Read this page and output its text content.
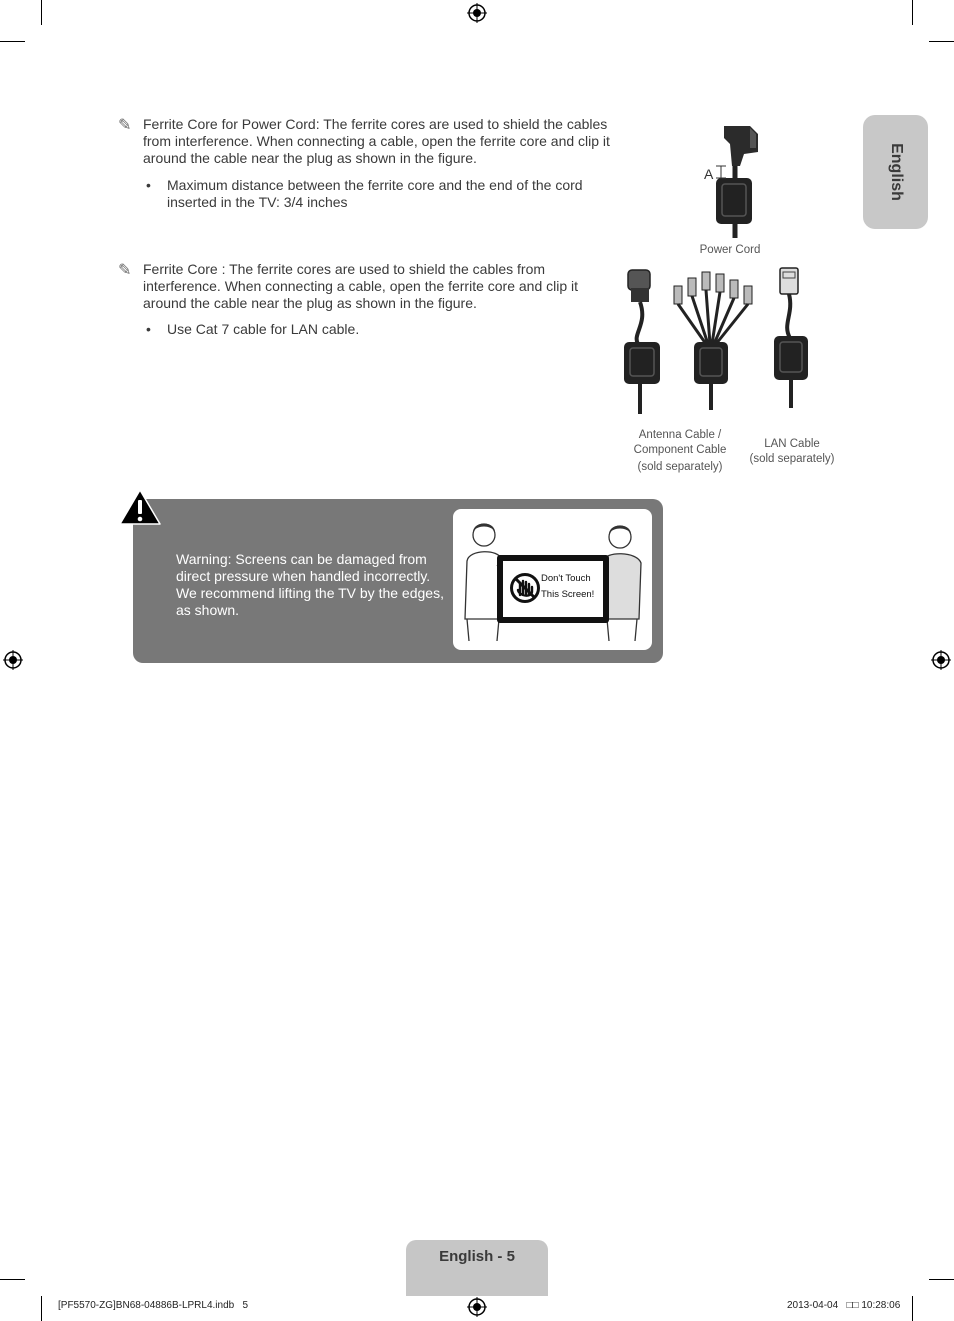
English
✎ Ferrite Core for Power Cord: The ferrite cores are used to shield the cables from interference. When connecting a cable, open the ferrite core and clip it around the cable near the plug as shown in the figure.
• Maximum distance between the ferrite core and the end of the cord inserted in the TV: 3/4 inches
✎ Ferrite Core : The ferrite cores are used to shield the cables from interference. When connecting a cable, open the ferrite core and clip it around the cable near the plug as shown in the figure.
• Use Cat 7 cable for LAN cable.
A
Power Cord
Antenna Cable /
Component Cable
(sold separately)
LAN Cable
(sold separately)
Warning: Screens can be damaged from direct pressure when handled incorrectly. We recommend lifting the TV by the edges, as shown.
Don't Touch
This Screen!
English - 5
[PF5570-ZG]BN68-04886B-LPRL4.indb   5	2013-04-04   □□ 10:28:06
